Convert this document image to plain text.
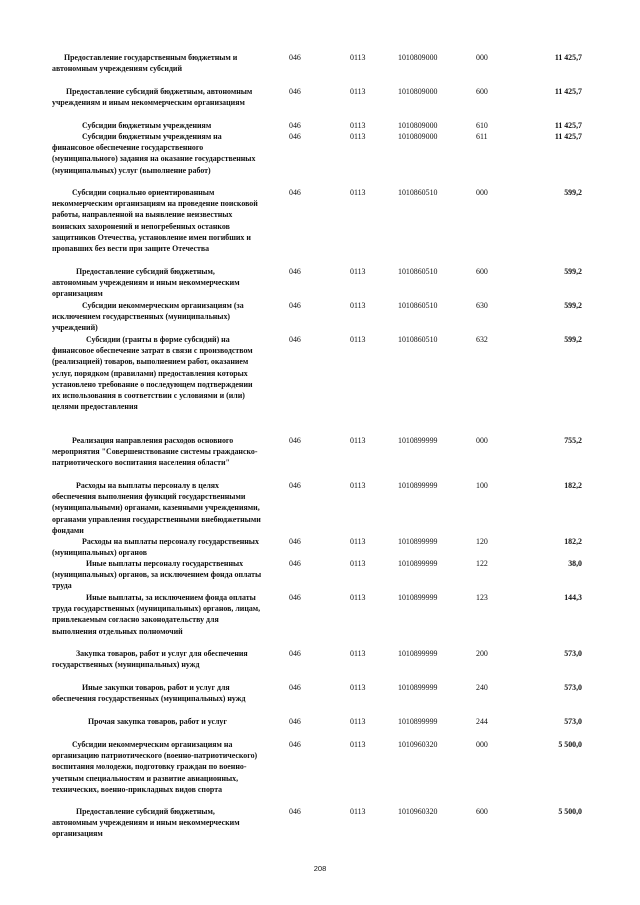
Предоставление государственным бюджетным и автономным учреждениям субсидий
046	0113	1010809000	000	11 425,7
Предоставление субсидий бюджетным, автономным учреждениям и иным некоммерческим организациям
046	0113	1010809000	600	11 425,7
Субсидии бюджетным учреждениям	046	0113	1010809000	610	11 425,7
Субсидии бюджетным учреждениям на финансовое обеспечение государственного (муниципального) задания на оказание государственных (муниципальных) услуг (выполнение работ)
046	0113	1010809000	611	11 425,7
Субсидии социально ориентированным некоммерческим организациям на проведение поисковой работы, направленной на выявление неизвестных воинских захоронений и непогребенных останков защитников Отечества, установление имен погибших и пропавших без вести при защите Отечества
046	0113	1010860510	000	599,2
Предоставление субсидий бюджетным, автономным учреждениям и иным некоммерческим организациям
046	0113	1010860510	600	599,2
Субсидии некоммерческим организациям (за исключением государственных (муниципальных) учреждений)
046	0113	1010860510	630	599,2
Субсидии (гранты в форме субсидий) на финансовое обеспечение затрат в связи с производством (реализацией) товаров, выполнением работ, оказанием услуг, порядком (правилами) предоставления которых установлено требование о последующем подтверждении их использования в соответствии с условиями и (или) целями предоставления
046	0113	1010860510	632	599,2
Реализация направления расходов основного мероприятия "Совершенствование системы гражданско-патриотического воспитания населения области"
046	0113	1010899999	000	755,2
Расходы на выплаты персоналу в целях обеспечения выполнения функций государственными (муниципальными) органами, казенными учреждениями, органами управления государственными внебюджетными фондами
046	0113	1010899999	100	182,2
Расходы на выплаты персоналу государственных (муниципальных) органов
046	0113	1010899999	120	182,2
Иные выплаты персоналу государственных (муниципальных) органов, за исключением фонда оплаты труда
046	0113	1010899999	122	38,0
Иные выплаты, за исключением фонда оплаты труда государственных (муниципальных) органов, лицам, привлекаемым согласно законодательству для выполнения отдельных полномочий
046	0113	1010899999	123	144,3
Закупка товаров, работ и услуг для обеспечения государственных (муниципальных) нужд
046	0113	1010899999	200	573,0
Иные закупки товаров, работ и услуг для обеспечения государственных (муниципальных) нужд
046	0113	1010899999	240	573,0
Прочая закупка товаров, работ и услуг	046	0113	1010899999	244	573,0
Субсидии некоммерческим организациям на организацию патриотического (военно-патриотического) воспитания молодежи, подготовку граждан по военно-учетным специальностям и развитие авиационных, технических, военно-прикладных видов спорта
046	0113	1010960320	000	5 500,0
Предоставление субсидий бюджетным, автономным учреждениям и иным некоммерческим организациям
046	0113	1010960320	600	5 500,0
208
